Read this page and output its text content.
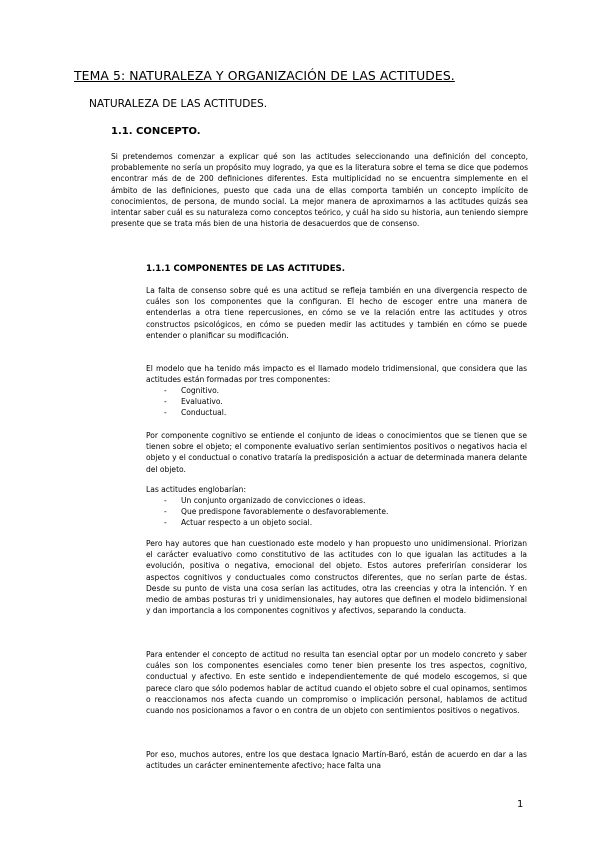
TEMA 5: NATURALEZA Y ORGANIZACIÓN DE LAS ACTITUDES.
NATURALEZA DE LAS ACTITUDES.
1.1. CONCEPTO.

Si pretendemos comenzar a explicar qué son las actitudes seleccionando una definición del concepto, probablemente no sería un propósito muy logrado, ya que es la literatura sobre el tema se dice que podemos encontrar más de de 200 definiciones diferentes. Esta multiplicidad no se encuentra simplemente en el ámbito de las definiciones, puesto que cada una de ellas comporta también un concepto implícito de conocimientos, de persona, de mundo social. La mejor manera de aproximarnos a las actitudes quizás sea intentar saber cuál es su naturaleza como conceptos teórico, y cuál ha sido su historia, aun teniendo siempre presente que se trata más bien de una historia de desacuerdos que de consenso.

1.1.1 COMPONENTES DE LAS ACTITUDES.

La falta de consenso sobre qué es una actitud se refleja también en una divergencia respecto de cuáles son los componentes que la configuran. El hecho de escoger entre una manera de entenderlas a otra tiene repercusiones, en cómo se ve la relación entre las actitudes y otros constructos psicológicos, en cómo se pueden medir las actitudes y también en cómo se puede entender o planificar su modificación.

El modelo que ha tenido más impacto es el llamado modelo tridimensional, que considera que las actitudes están formadas por tres componentes:

- Cognitivo.
- Evaluativo.
- Conductual.

Por componente cognitivo se entiende el conjunto de ideas o conocimientos que se tienen que se tienen sobre el objeto; el componente evaluativo serían sentimientos positivos o negativos hacia el objeto y el conductual o conativo trataría la predisposición a actuar de determinada manera delante del objeto.

Las actitudes englobarían:

- Un conjunto organizado de convicciones o ideas.
- Que predispone favorablemente o desfavorablemente.
- Actuar respecto a un objeto social.

Pero hay autores que han cuestionado este modelo y han propuesto uno unidimensional. Priorizan el carácter evaluativo como constitutivo de las actitudes con lo que igualan las actitudes a la evolución, positiva o negativa, emocional del objeto. Estos autores preferirían considerar los aspectos cognitivos y conductuales como constructos diferentes, que no serían parte de éstas. Desde su punto de vista una cosa serían las actitudes, otra las creencias y otra la intención. Y en medio de ambas posturas tri y unidimensionales, hay autores que definen el modelo bidimensional y dan importancia a los componentes cognitivos y afectivos, separando la conducta.

Para entender el concepto de actitud no resulta tan esencial optar por un modelo concreto y saber cuáles son los componentes esenciales como tener bien presente los tres aspectos, cognitivo, conductual y afectivo. En este sentido e independientemente de qué modelo escogemos, si que parece claro que sólo podemos hablar de actitud cuando el objeto sobre el cual opinamos, sentimos o reaccionamos nos afecta cuando un compromiso o implicación personal, hablamos de actitud cuando nos posicionamos a favor o en contra de un objeto con sentimientos positivos o negativos.

Por eso, muchos autores, entre los que destaca Ignacio Martín-Baró, están de acuerdo en dar a las actitudes un carácter eminentemente afectivo; hace falta una

1
